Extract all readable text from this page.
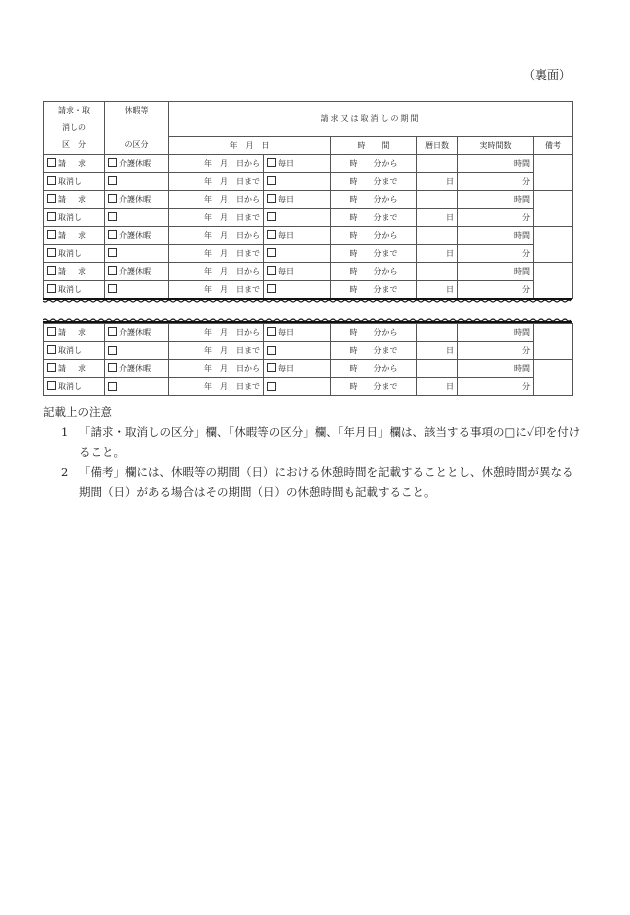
（裏面）
請求・取	休暇等	請求又は取消しの期間					
消しの							
区　分	の区分	年　月　日		時　　間	暦日数	実時間数	備考
請　求	介護休暇	年　月　日から	毎日	時　　分から		時間	
取消し		年　月　日まで		時　　分まで	日	分	
請　求	介護休暇	年　月　日から	毎日	時　　分から		時間	
取消し		年　月　日まで		時　　分まで	日	分	
請　求	介護休暇	年　月　日から	毎日	時　　分から		時間	
取消し		年　月　日まで		時　　分まで	日	分	
請　求	介護休暇	年　月　日から	毎日	時　　分から		時間	
取消し		年　月　日まで		時　　分まで	日	分	
請　求	介護休暇	年　月　日から	毎日	時　　分から		時間	
取消し		年　月　日まで		時　　分まで	日	分	
請　求	介護休暇	年　月　日から	毎日	時　　分から		時間	
取消し		年　月　日まで		時　　分まで	日	分	
記載上の注意
1 「請求・取消しの区分」欄、「休暇等の区分」欄、「年月日」欄は、該当する事項の□に✓印を付けること。
2 「備考」欄には、休暇等の期間（日）における休憩時間を記載することとし、休憩時間が異なる期間（日）がある場合はその期間（日）の休憩時間も記載すること。
